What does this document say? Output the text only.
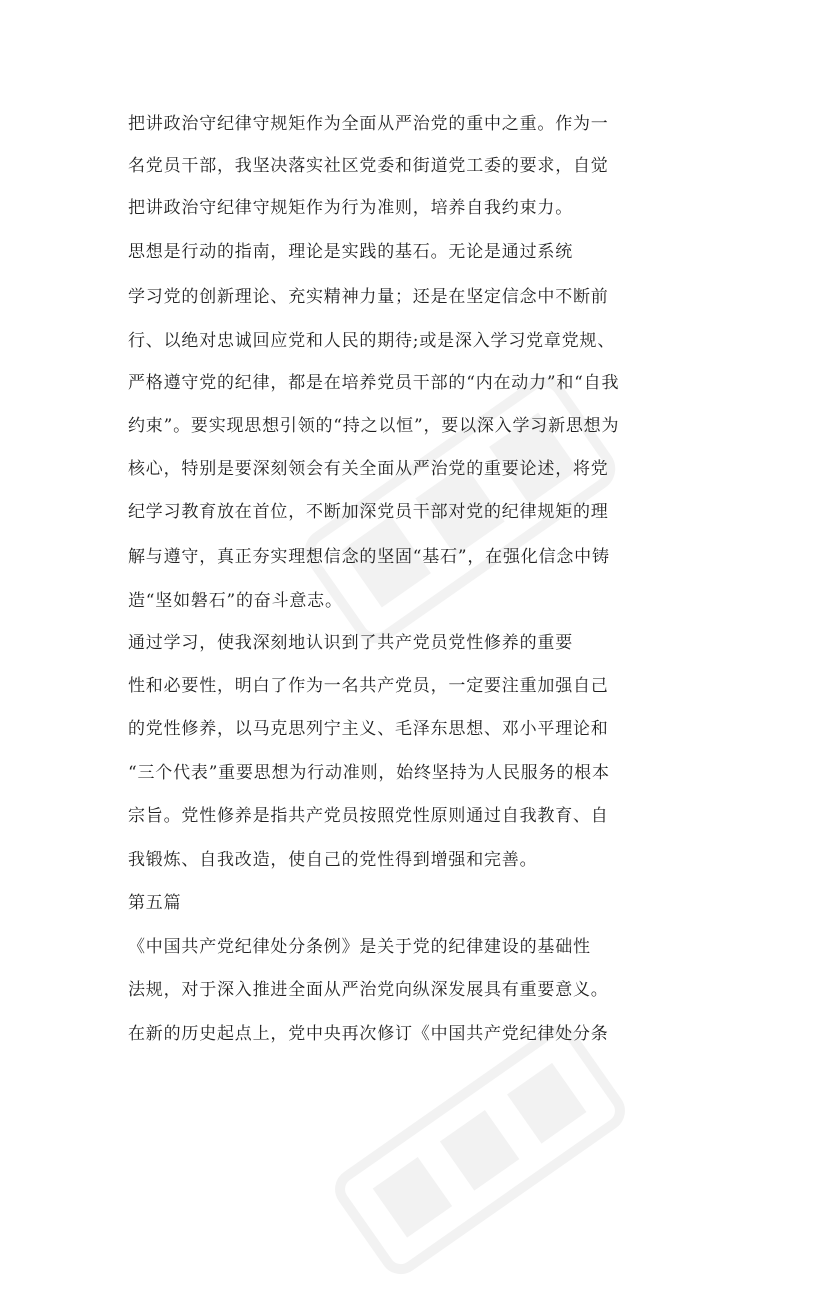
把讲政治守纪律守规矩作为全面从严治党的重中之重。作为一
名党员干部，我坚决落实社区党委和街道党工委的要求，自觉
把讲政治守纪律守规矩作为行为准则，培养自我约束力。
思想是行动的指南，理论是实践的基石。无论是通过系统
学习党的创新理论、充实精神力量；还是在坚定信念中不断前
行、以绝对忠诚回应党和人民的期待;或是深入学习党章党规、
严格遵守党的纪律，都是在培养党员干部的“内在动力”和“自我
约束”。要实现思想引领的“持之以恒”，要以深入学习新思想为
核心，特别是要深刻领会有关全面从严治党的重要论述，将党
纪学习教育放在首位，不断加深党员干部对党的纪律规矩的理
解与遵守，真正夯实理想信念的坚固“基石”，在强化信念中铸
造“坚如磐石”的奋斗意志。
通过学习，使我深刻地认识到了共产党员党性修养的重要
性和必要性，明白了作为一名共产党员，一定要注重加强自己
的党性修养，以马克思列宁主义、毛泽东思想、邓小平理论和
“三个代表”重要思想为行动准则，始终坚持为人民服务的根本
宗旨。党性修养是指共产党员按照党性原则通过自我教育、自
我锻炼、自我改造，使自己的党性得到增强和完善。
第五篇
《中国共产党纪律处分条例》是关于党的纪律建设的基础性
法规，对于深入推进全面从严治党向纵深发展具有重要意义。
在新的历史起点上，党中央再次修订《中国共产党纪律处分条
